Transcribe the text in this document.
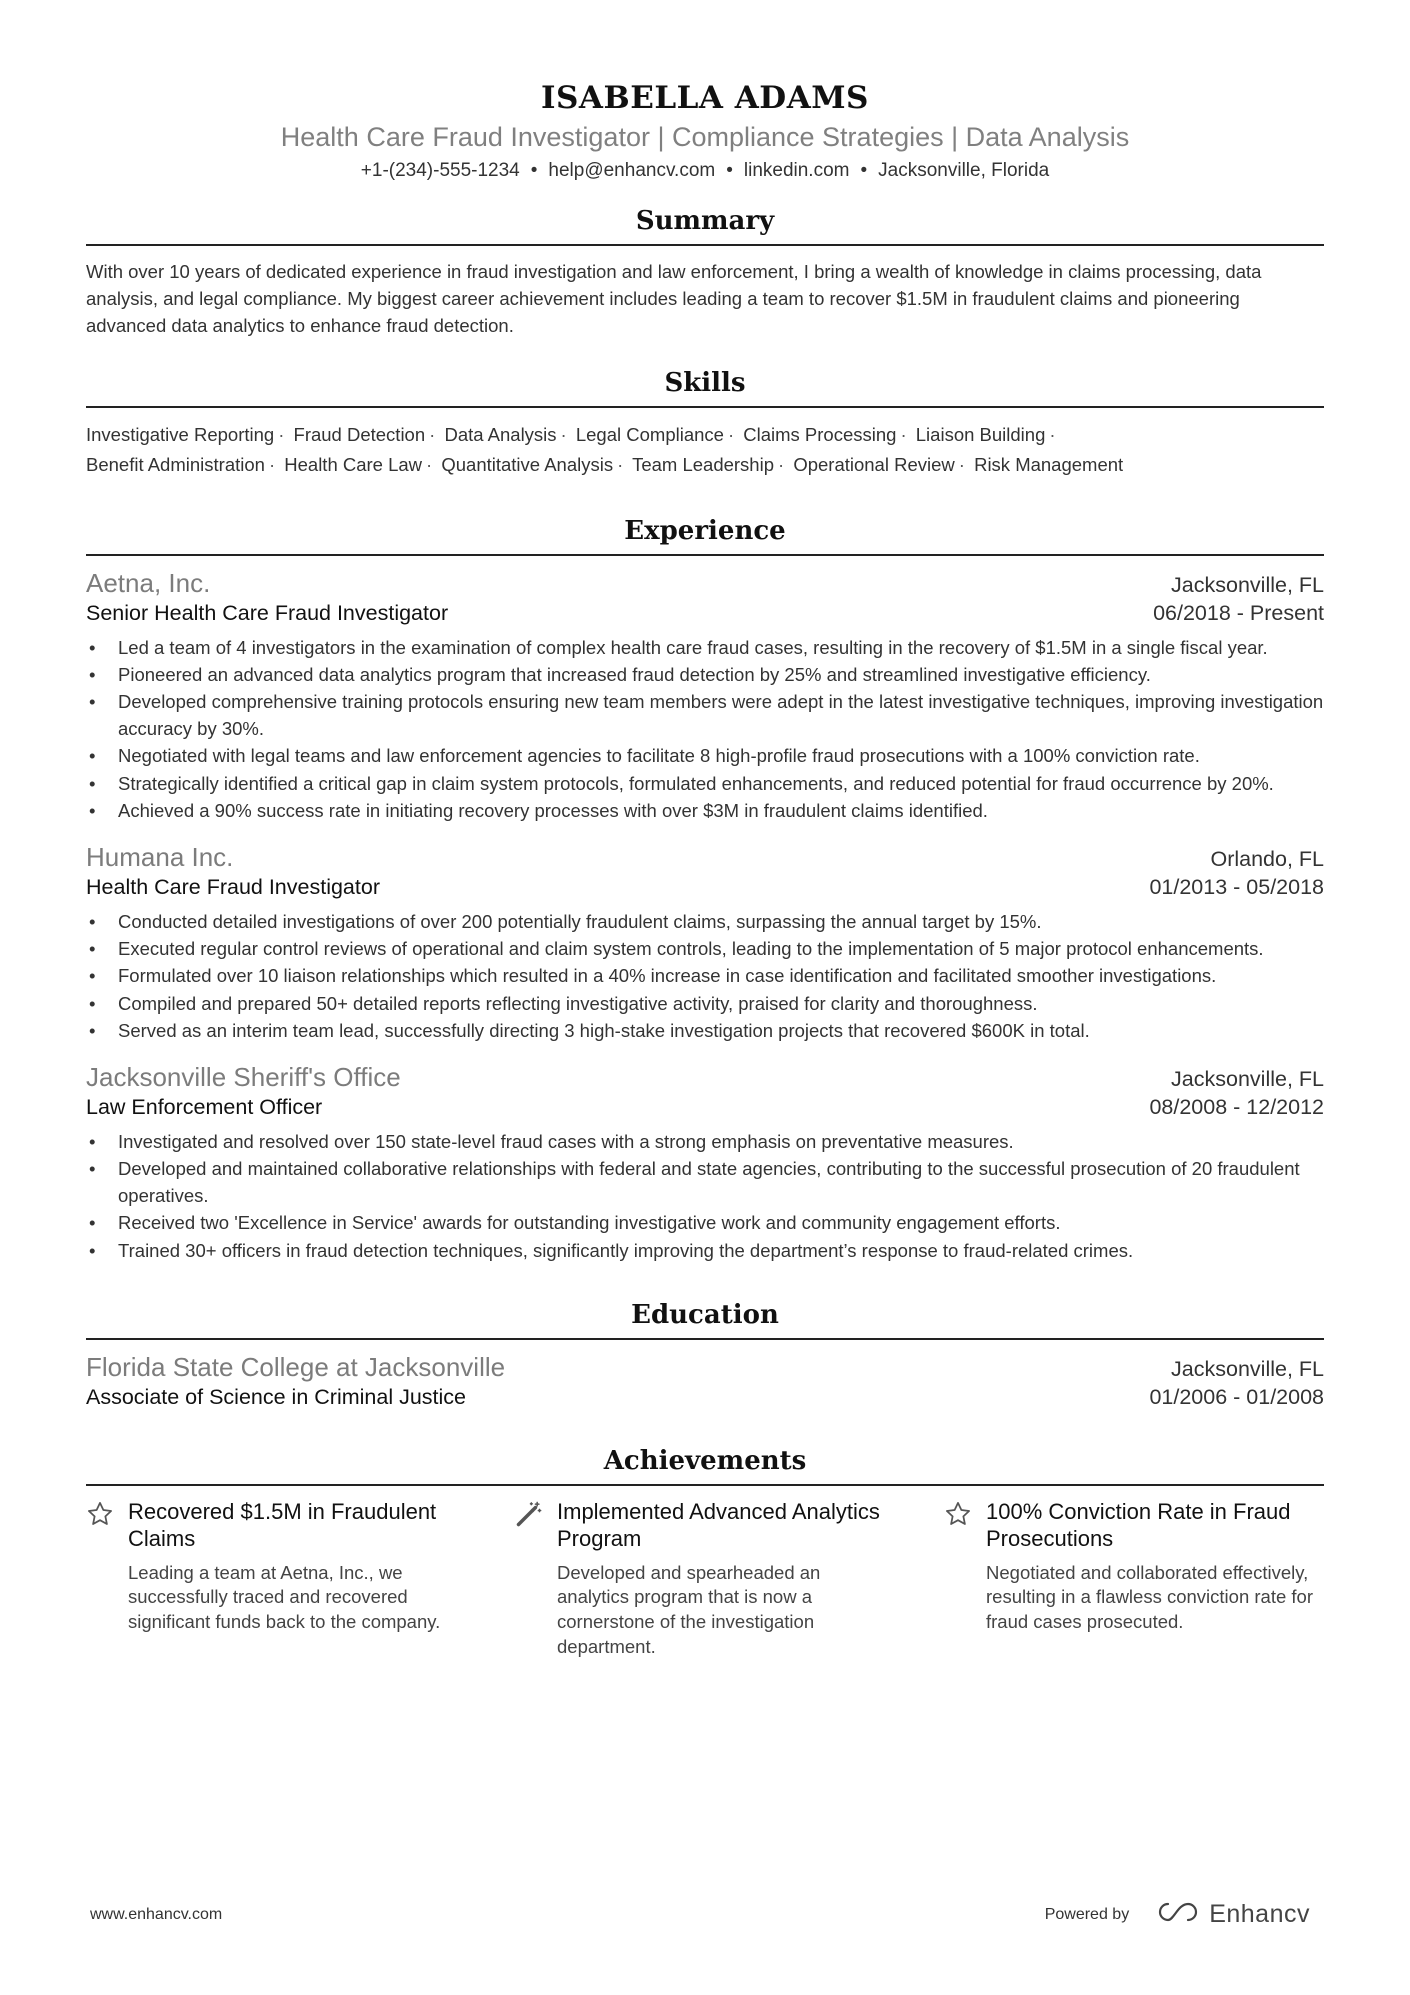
ISABELLA ADAMS
Health Care Fraud Investigator | Compliance Strategies | Data Analysis
+1-(234)-555-1234 • help@enhancv.com • linkedin.com • Jacksonville, Florida
Summary

With over 10 years of dedicated experience in fraud investigation and law enforcement, I bring a wealth of knowledge in claims processing, data analysis, and legal compliance. My biggest career achievement includes leading a team to recover $1.5M in fraudulent claims and pioneering advanced data analytics to enhance fraud detection.

Skills
Investigative Reporting · Fraud Detection · Data Analysis · Legal Compliance · Claims Processing · Liaison Building ·
Benefit Administration · Health Care Law · Quantitative Analysis · Team Leadership · Operational Review · Risk Management
Experience
Aetna, Inc.	Jacksonville, FL
Senior Health Care Fraud Investigator	06/2018 - Present
• Led a team of 4 investigators in the examination of complex health care fraud cases, resulting in the recovery of $1.5M in a single fiscal year.
• Pioneered an advanced data analytics program that increased fraud detection by 25% and streamlined investigative efficiency.
• Developed comprehensive training protocols ensuring new team members were adept in the latest investigative techniques, improving investigation accuracy by 30%.
• Negotiated with legal teams and law enforcement agencies to facilitate 8 high-profile fraud prosecutions with a 100% conviction rate.
• Strategically identified a critical gap in claim system protocols, formulated enhancements, and reduced potential for fraud occurrence by 20%.
• Achieved a 90% success rate in initiating recovery processes with over $3M in fraudulent claims identified.
Humana Inc.	Orlando, FL
Health Care Fraud Investigator	01/2013 - 05/2018
• Conducted detailed investigations of over 200 potentially fraudulent claims, surpassing the annual target by 15%.
• Executed regular control reviews of operational and claim system controls, leading to the implementation of 5 major protocol enhancements.
• Formulated over 10 liaison relationships which resulted in a 40% increase in case identification and facilitated smoother investigations.
• Compiled and prepared 50+ detailed reports reflecting investigative activity, praised for clarity and thoroughness.
• Served as an interim team lead, successfully directing 3 high-stake investigation projects that recovered $600K in total.
Jacksonville Sheriff's Office	Jacksonville, FL
Law Enforcement Officer	08/2008 - 12/2012
• Investigated and resolved over 150 state-level fraud cases with a strong emphasis on preventative measures.
• Developed and maintained collaborative relationships with federal and state agencies, contributing to the successful prosecution of 20 fraudulent operatives.
• Received two 'Excellence in Service' awards for outstanding investigative work and community engagement efforts.
• Trained 30+ officers in fraud detection techniques, significantly improving the department’s response to fraud-related crimes.
Education
Florida State College at Jacksonville	Jacksonville, FL
Associate of Science in Criminal Justice	01/2006 - 01/2008
Achievements
Recovered $1.5M in Fraudulent Claims
Leading a team at Aetna, Inc., we successfully traced and recovered significant funds back to the company.
Implemented Advanced Analytics Program
Developed and spearheaded an analytics program that is now a cornerstone of the investigation department.
100% Conviction Rate in Fraud Prosecutions
Negotiated and collaborated effectively, resulting in a flawless conviction rate for fraud cases prosecuted.
www.enhancv.com	Powered by	Enhancv
